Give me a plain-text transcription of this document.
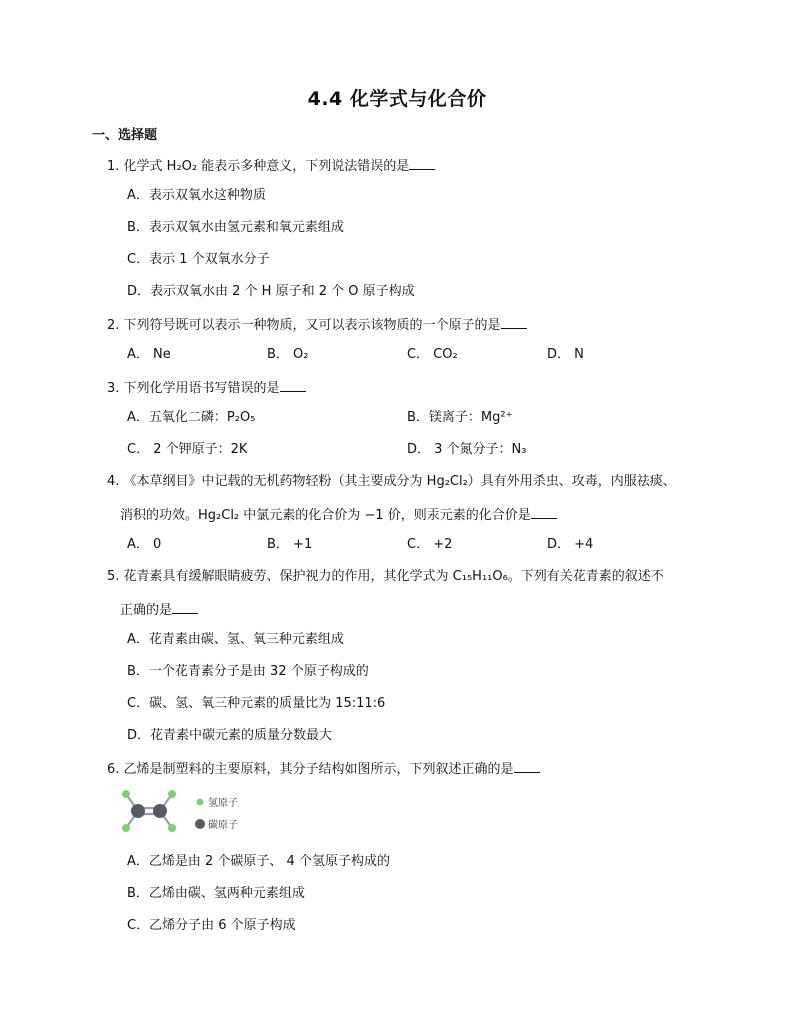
4.4 化学式与化合价
一、选择题
1. 化学式 H₂O₂ 能表示多种意义，下列说法错误的是
A．表示双氧水这种物质
B．表示双氧水由氢元素和氧元素组成
C．表示 1 个双氧水分子
D．表示双氧水由 2 个 H 原子和 2 个 O 原子构成
2. 下列符号既可以表示一种物质，又可以表示该物质的一个原子的是
A． Ne	B． O₂	C． CO₂	D． N
3. 下列化学用语书写错误的是
A．五氧化二磷：P₂O₅	B．镁离子：Mg²⁺
C． 2 个钾原子：2K	D． 3 个氮分子：N₃
4. 《本草纲目》中记载的无机药物轻粉（其主要成分为 Hg₂Cl₂）具有外用杀虫、攻毒，内服祛痰、
消积的功效。Hg₂Cl₂ 中氯元素的化合价为 −1 价，则汞元素的化合价是
A． 0	B． +1	C． +2	D． +4
5. 花青素具有缓解眼睛疲劳、保护视力的作用，其化学式为 C₁₅H₁₁O₆。下列有关花青素的叙述不
正确的是
A．花青素由碳、氢、氧三种元素组成
B．一个花青素分子是由 32 个原子构成的
C．碳、氢、氧三种元素的质量比为 15:11:6
D．花青素中碳元素的质量分数最大
6. 乙烯是制塑料的主要原料，其分子结构如图所示，下列叙述正确的是
氢原子
碳原子
A．乙烯是由 2 个碳原子、 4 个氢原子构成的
B．乙烯由碳、氢两种元素组成
C．乙烯分子由 6 个原子构成
